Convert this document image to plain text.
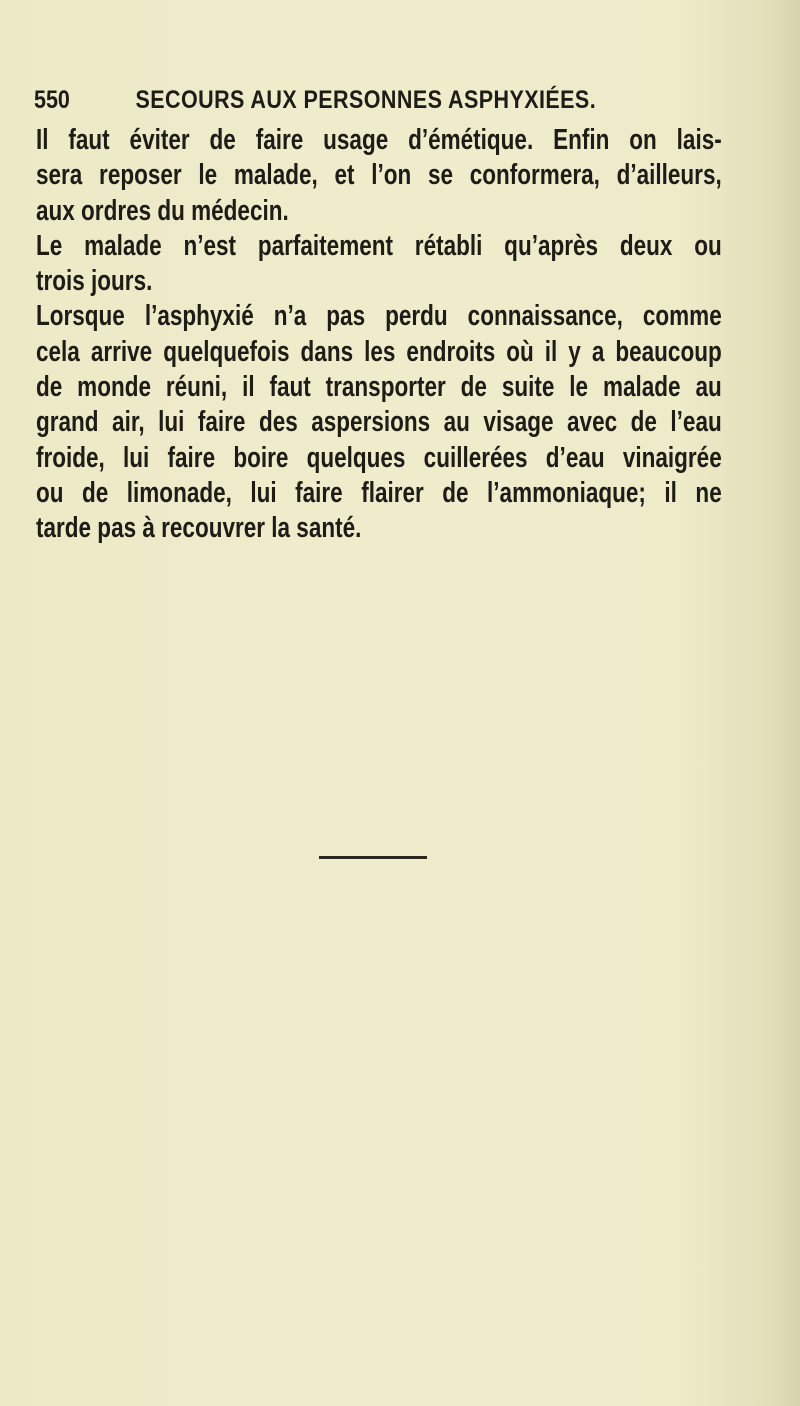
550	SECOURS AUX PERSONNES ASPHYXIÉES.

Il faut éviter de faire usage d’émétique. Enfin on lais-
sera reposer le malade, et l’on se conformera, d’ailleurs,
aux ordres du médecin.

Le malade n’est parfaitement rétabli qu’après deux ou
trois jours.

Lorsque l’asphyxié n’a pas perdu connaissance, comme
cela arrive quelquefois dans les endroits où il y a beaucoup
de monde réuni, il faut transporter de suite le malade au
grand air, lui faire des aspersions au visage avec de l’eau
froide, lui faire boire quelques cuillerées d’eau vinaigrée
ou de limonade, lui faire flairer de l’ammoniaque; il ne
tarde pas à recouvrer la santé.
